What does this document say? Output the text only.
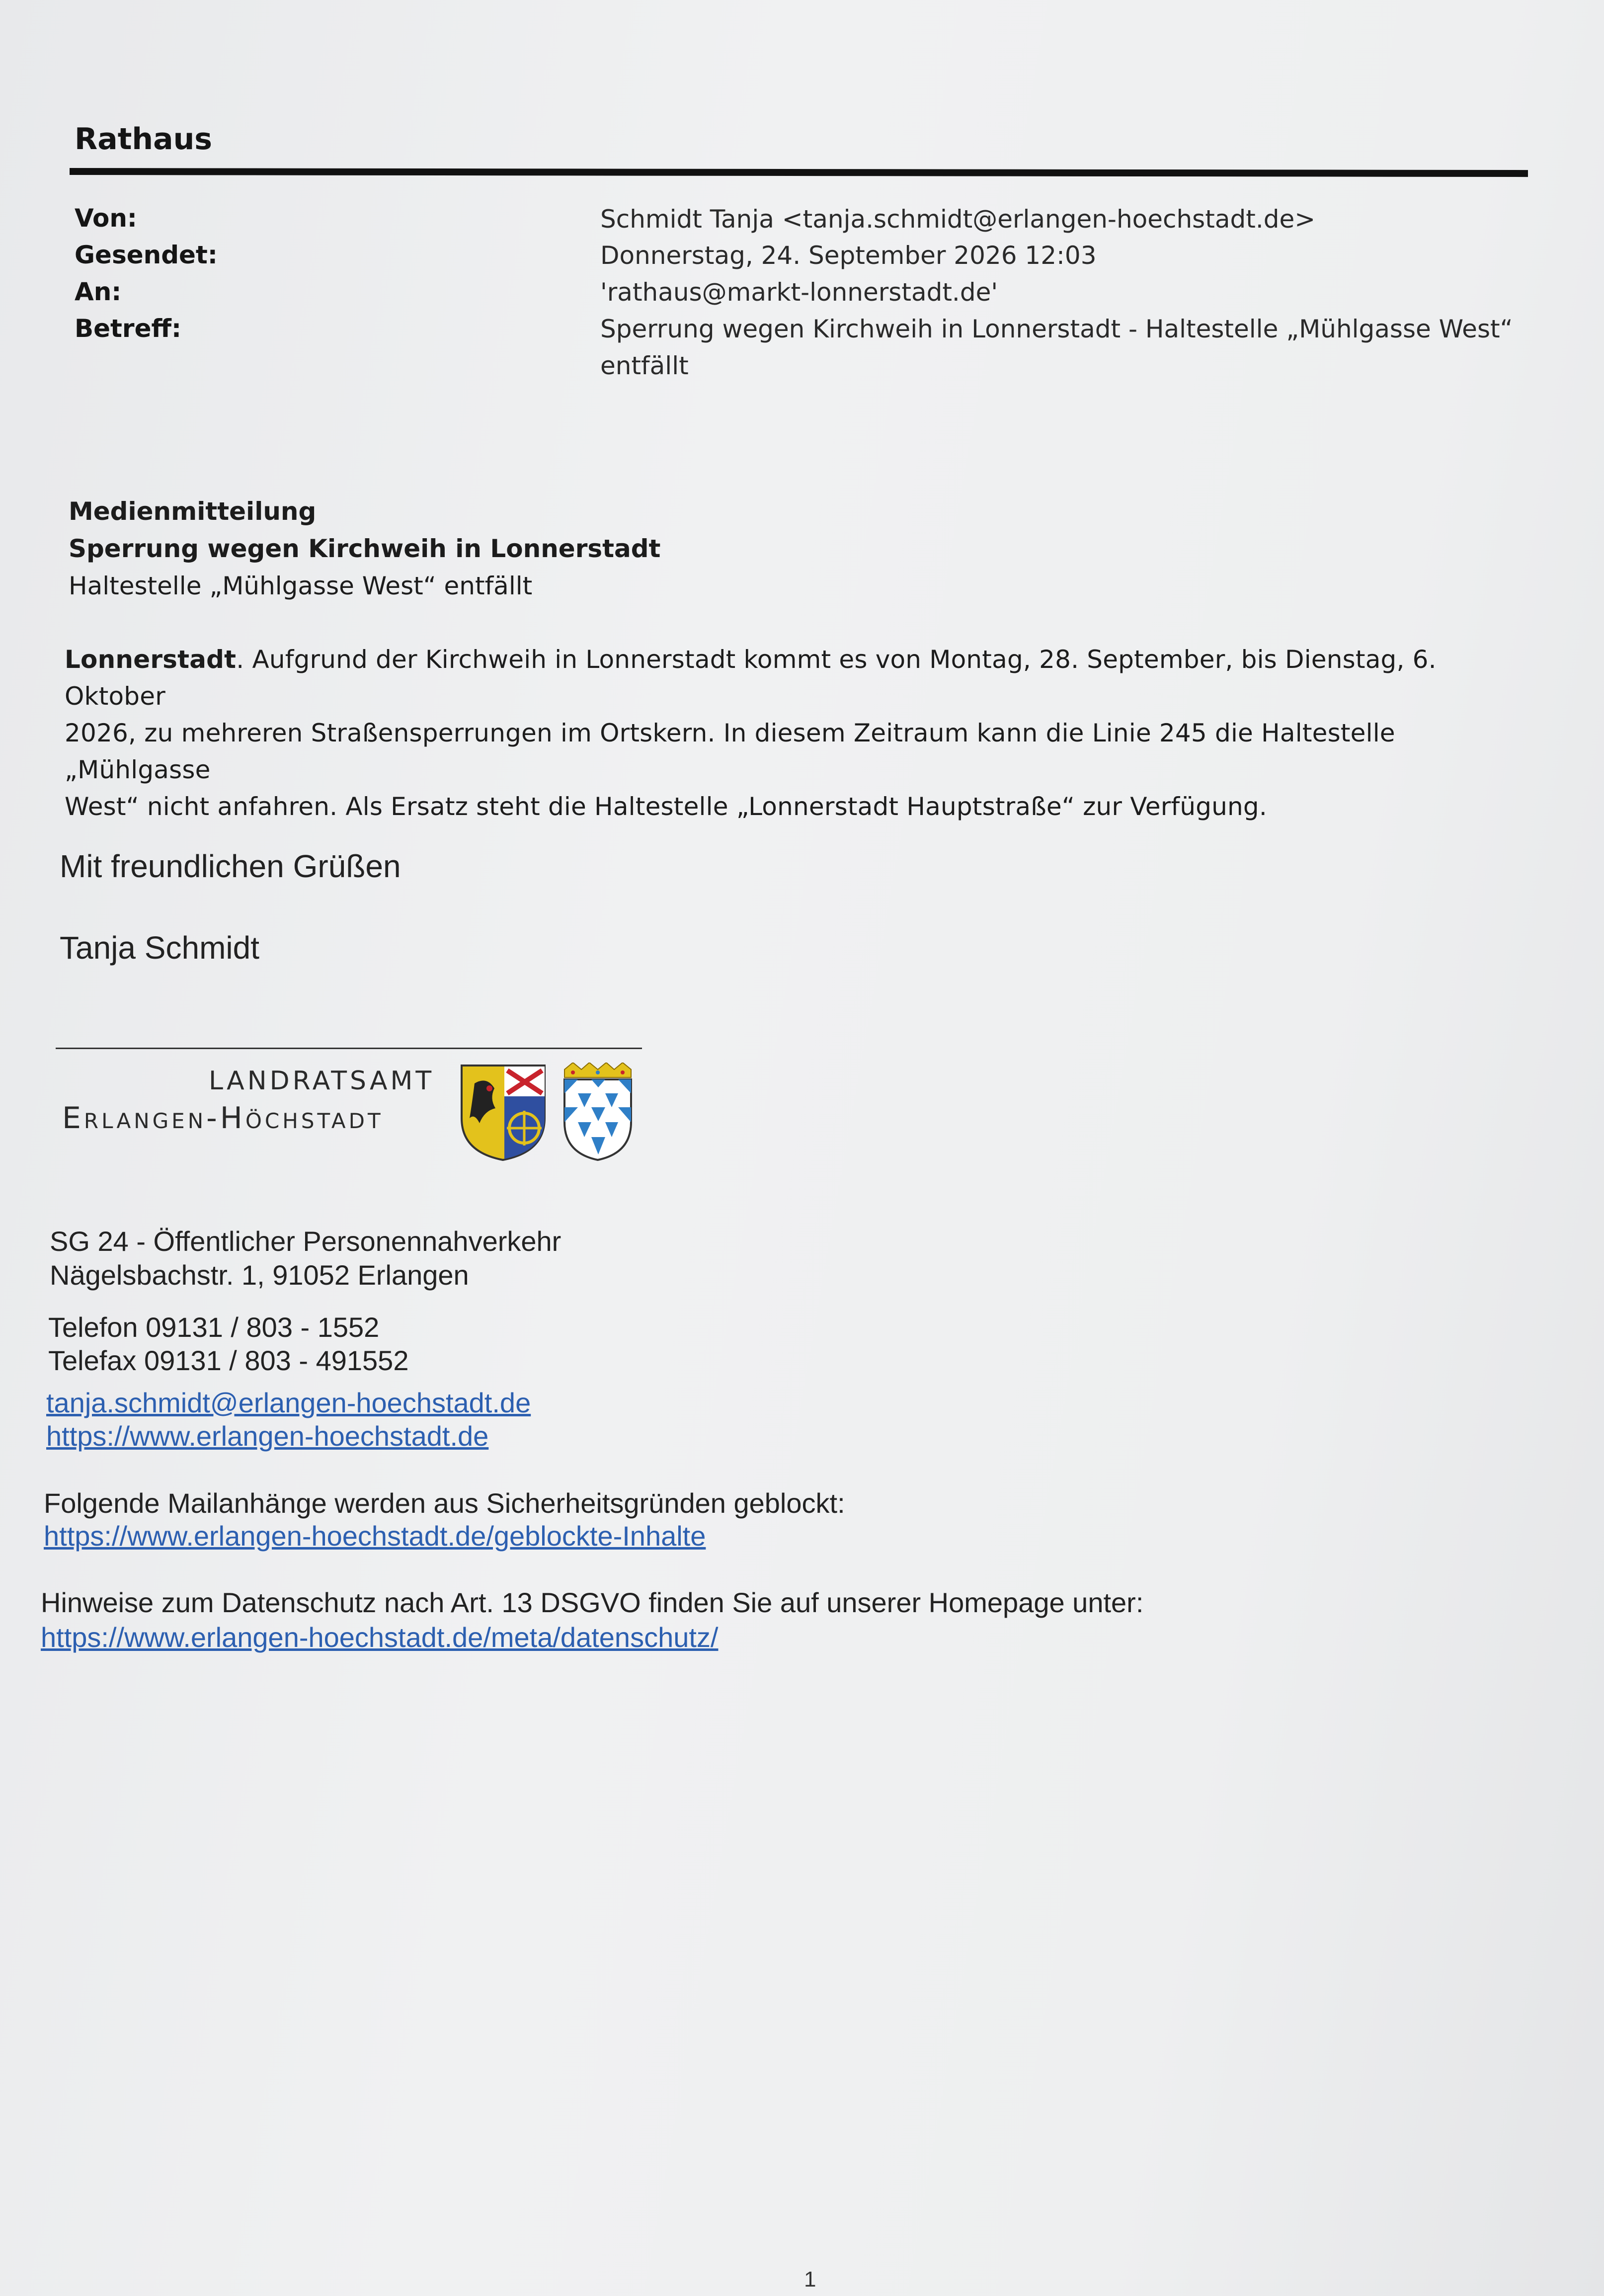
Rathaus
Von:	Schmidt Tanja <tanja.schmidt@erlangen-hoechstadt.de>
Gesendet:	Donnerstag, 24. September 2026 12:03
An:	'rathaus@markt-lonnerstadt.de'
Betreff:	Sperrung wegen Kirchweih in Lonnerstadt - Haltestelle „Mühlgasse West“
entfällt
Medienmitteilung
Sperrung wegen Kirchweih in Lonnerstadt
Haltestelle „Mühlgasse West“ entfällt
Lonnerstadt. Aufgrund der Kirchweih in Lonnerstadt kommt es von Montag, 28. September, bis Dienstag, 6. Oktober
2026, zu mehreren Straßensperrungen im Ortskern. In diesem Zeitraum kann die Linie 245 die Haltestelle „Mühlgasse
West“ nicht anfahren. Als Ersatz steht die Haltestelle „Lonnerstadt Hauptstraße“ zur Verfügung.
Mit freundlichen Grüßen
Tanja Schmidt
LANDRATSAMT
Erlangen-Höchstadt
SG 24 - Öffentlicher Personennahverkehr
Nägelsbachstr. 1, 91052 Erlangen
Telefon 09131 / 803 - 1552
Telefax 09131 / 803 - 491552
tanja.schmidt@erlangen-hoechstadt.de
https://www.erlangen-hoechstadt.de
Folgende Mailanhänge werden aus Sicherheitsgründen geblockt:
https://www.erlangen-hoechstadt.de/geblockte-Inhalte
Hinweise zum Datenschutz nach Art. 13 DSGVO finden Sie auf unserer Homepage unter:
https://www.erlangen-hoechstadt.de/meta/datenschutz/
1
